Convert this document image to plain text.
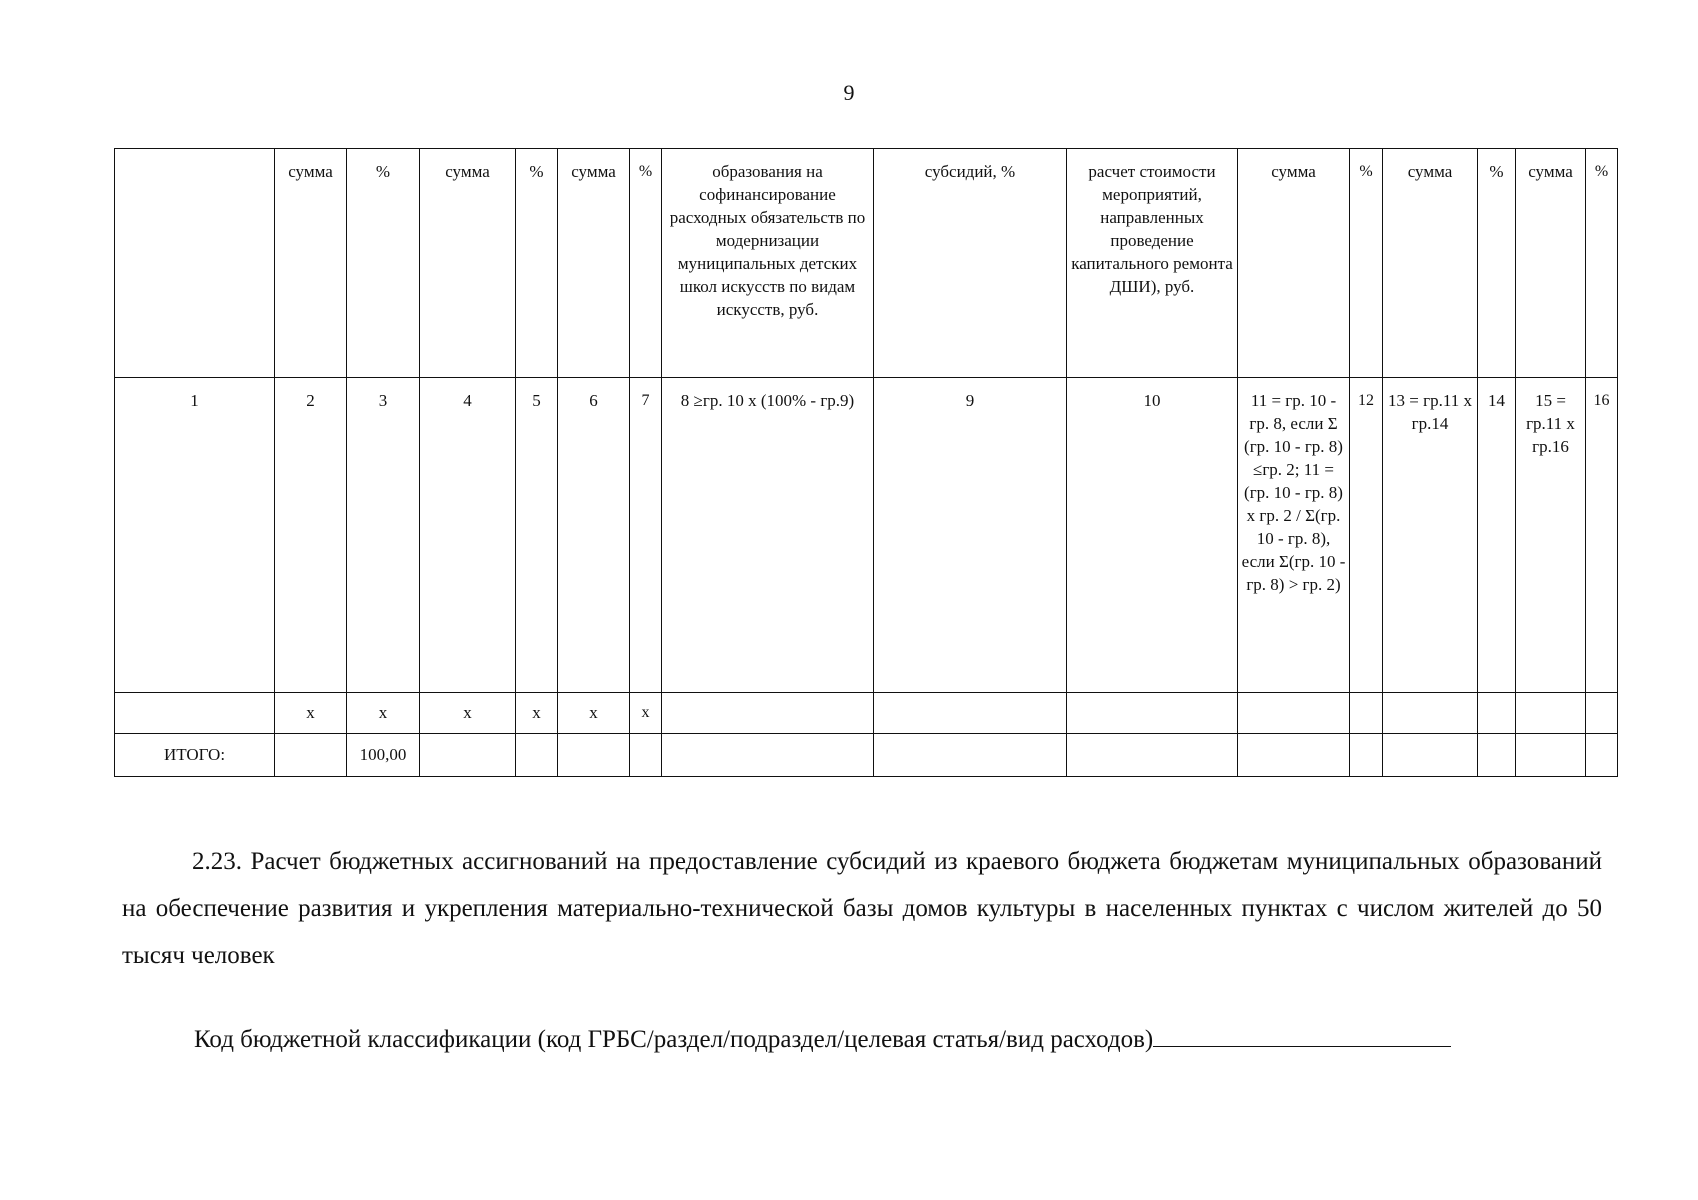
9
	сумма	%	сумма	%	сумма	%	образования на софинансирование расходных обязательств по модернизации муниципальных детских школ искусств по видам искусств, руб.	субсидий, %	расчет стоимости мероприятий, направленных проведение капитального ремонта ДШИ), руб.	сумма	%	сумма	%	сумма	%
1	2	3	4	5	6	7	8 ≥гр. 10 x (100% - гр.9)	9	10	11 = гр. 10 - гр. 8, если Σ (гр. 10 - гр. 8) ≤гр. 2; 11 = (гр. 10 - гр. 8) x гр. 2 / Σ(гр. 10 - гр. 8), если Σ(гр. 10 - гр. 8) > гр. 2)	12	13 = гр.11 x гр.14	14	15 = гр.11 x гр.16	16
	x	x	x	x	x	x									
ИТОГО:		100,00													

2.23. Расчет бюджетных ассигнований на предоставление субсидий из краевого бюджета бюджетам муниципальных образований на обеспечение развития и укрепления материально-технической базы домов культуры в населенных пунктах с числом жителей до 50 тысяч человек

Код бюджетной классификации (код ГРБС/раздел/подраздел/целевая статья/вид расходов)
